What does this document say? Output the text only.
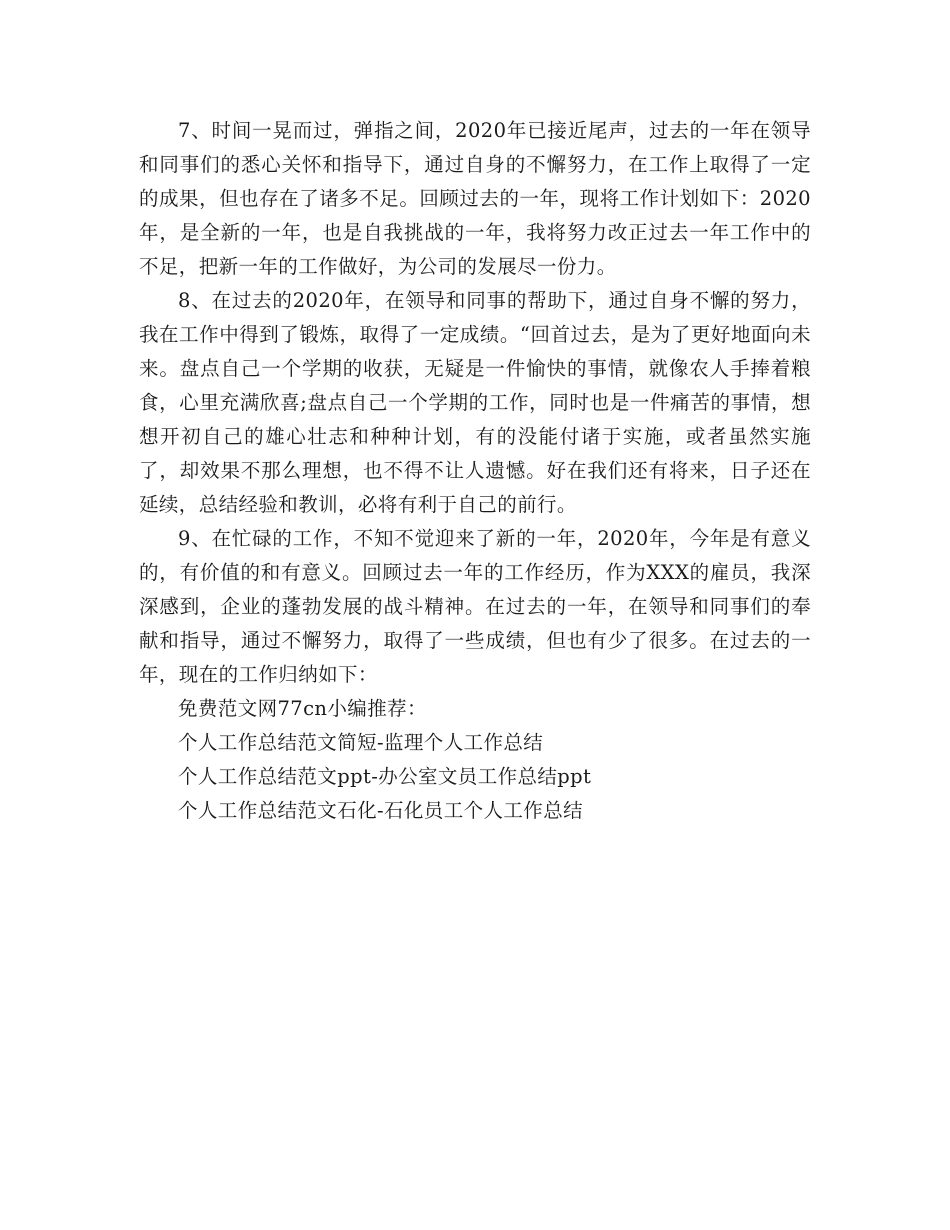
7、时间一晃而过，弹指之间，2020年已接近尾声，过去的一年在领导和同事们的悉心关怀和指导下，通过自身的不懈努力，在工作上取得了一定的成果，但也存在了诸多不足。回顾过去的一年，现将工作计划如下：2020年，是全新的一年，也是自我挑战的一年，我将努力改正过去一年工作中的不足，把新一年的工作做好，为公司的发展尽一份力。

8、在过去的2020年，在领导和同事的帮助下，通过自身不懈的努力，我在工作中得到了锻炼，取得了一定成绩。“回首过去，是为了更好地面向未来。盘点自己一个学期的收获，无疑是一件愉快的事情，就像农人手捧着粮食，心里充满欣喜;盘点自己一个学期的工作，同时也是一件痛苦的事情，想想开初自己的雄心壮志和种种计划，有的没能付诸于实施，或者虽然实施了，却效果不那么理想，也不得不让人遗憾。好在我们还有将来，日子还在延续，总结经验和教训，必将有利于自己的前行。

9、在忙碌的工作，不知不觉迎来了新的一年，2020年，今年是有意义的，有价值的和有意义。回顾过去一年的工作经历，作为XXX的雇员，我深深感到，企业的蓬勃发展的战斗精神。在过去的一年，在领导和同事们的奉献和指导，通过不懈努力，取得了一些成绩，但也有少了很多。在过去的一年，现在的工作归纳如下：

免费范文网77cn小编推荐：

个人工作总结范文简短-监理个人工作总结

个人工作总结范文ppt-办公室文员工作总结ppt

个人工作总结范文石化-石化员工个人工作总结
